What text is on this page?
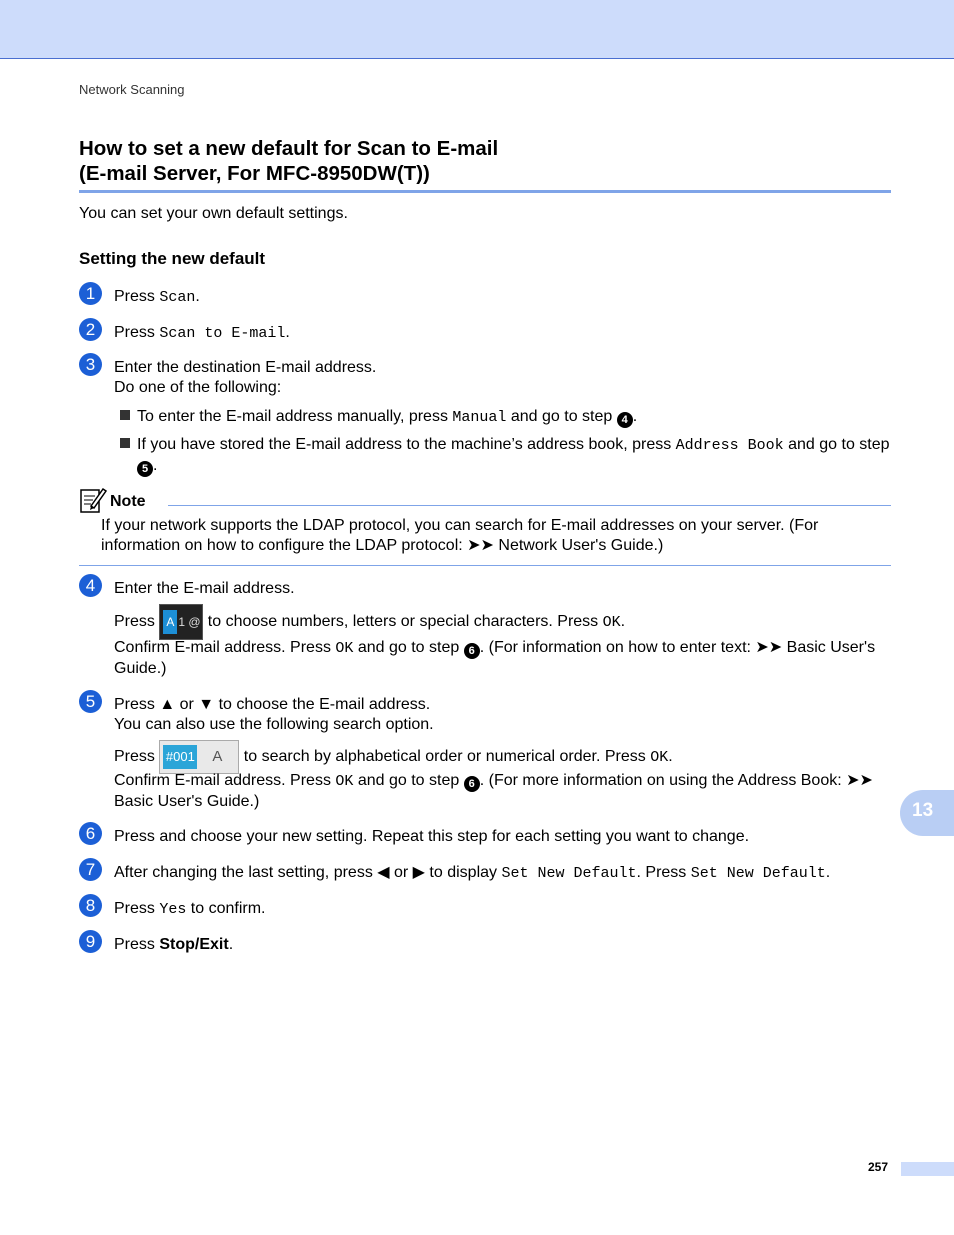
Network Scanning
How to set a new default for Scan to E-mail
(E-mail Server, For MFC-8950DW(T))
You can set your own default settings.
Setting the new default
1	Press Scan.
2	Press Scan to E-mail.
3	Enter the destination E-mail address.
Do one of the following:
To enter the E-mail address manually, press Manual and go to step 4 .
If you have stored the E-mail address to the machine’s address book, press Address Book and go to step 5 .
Note
If your network supports the LDAP protocol, you can search for E-mail addresses on your server. (For information on how to configure the LDAP protocol: ➤➤ Network User's Guide.)
4	Enter the E-mail address.
Press A 1 @ to choose numbers, letters or special characters. Press OK.
Confirm E-mail address. Press OK and go to step 6 . (For information on how to enter text: ➤➤ Basic User's Guide.)
5	Press ▲ or ▼ to choose the E-mail address.
You can also use the following search option.
Press #001 A to search by alphabetical order or numerical order. Press OK.
Confirm E-mail address. Press OK and go to step 6 . (For more information on using the Address Book: ➤➤ Basic User's Guide.)
6	Press and choose your new setting. Repeat this step for each setting you want to change.
7	After changing the last setting, press ◀ or ▶ to display Set New Default. Press Set New Default.
8	Press Yes to confirm.
9	Press Stop/Exit.
13
257
